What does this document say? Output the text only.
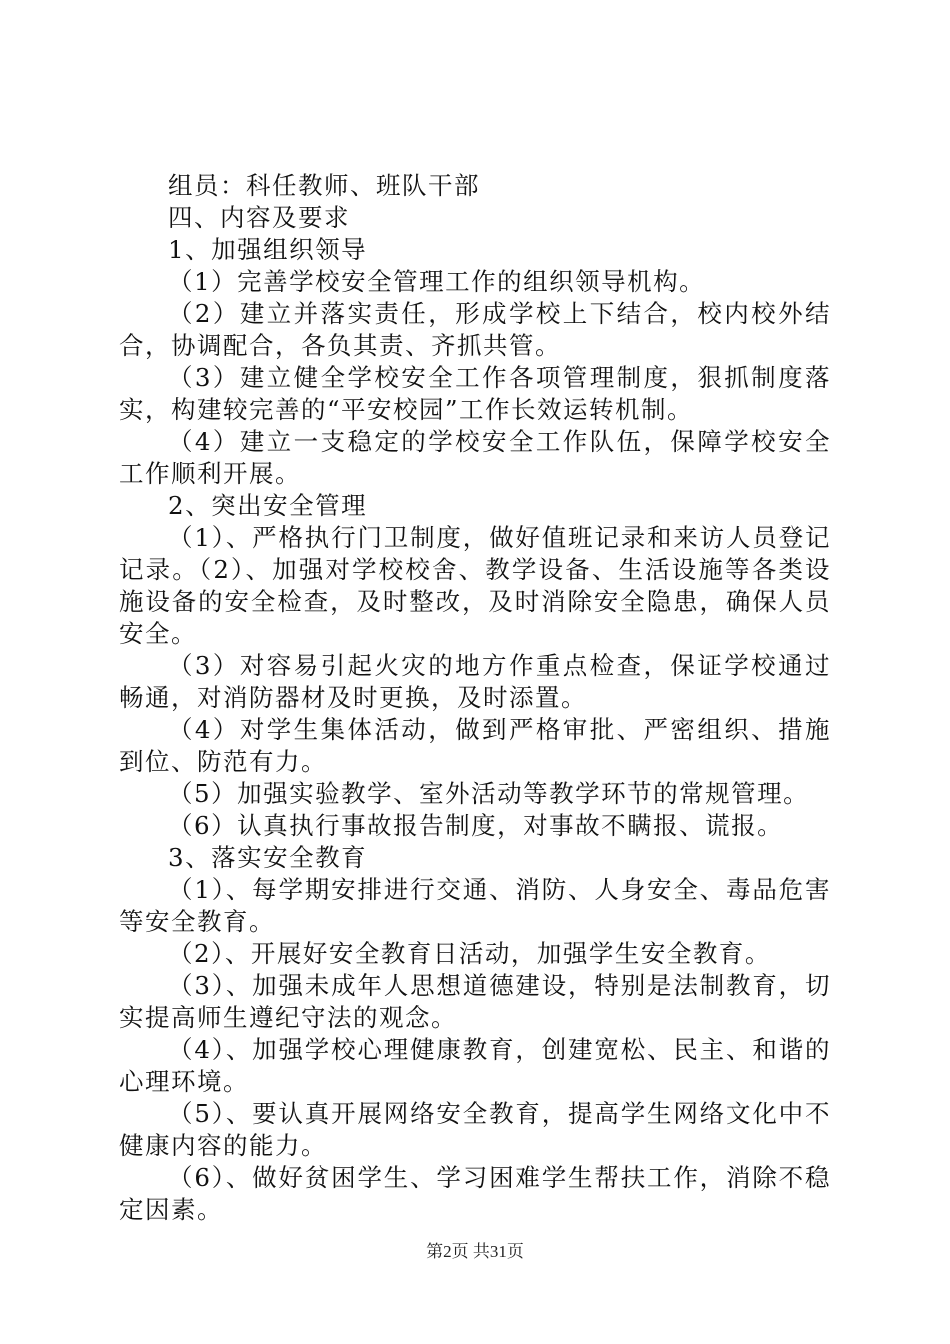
组员：科任教师、班队干部

四、内容及要求

1、加强组织领导

（1）完善学校安全管理工作的组织领导机构。

（2）建立并落实责任，形成学校上下结合，校内校外结合，协调配合，各负其责、齐抓共管。

（3）建立健全学校安全工作各项管理制度，狠抓制度落实，构建较完善的“平安校园”工作长效运转机制。

（4）建立一支稳定的学校安全工作队伍，保障学校安全工作顺利开展。

2、突出安全管理

（1）、严格执行门卫制度，做好值班记录和来访人员登记记录。（2）、加强对学校校舍、教学设备、生活设施等各类设施设备的安全检查，及时整改，及时消除安全隐患，确保人员安全。

（3）对容易引起火灾的地方作重点检查，保证学校通过畅通，对消防器材及时更换，及时添置。

（4）对学生集体活动，做到严格审批、严密组织、措施到位、防范有力。

（5）加强实验教学、室外活动等教学环节的常规管理。

（6）认真执行事故报告制度，对事故不瞒报、谎报。

3、落实安全教育

（1）、每学期安排进行交通、消防、人身安全、毒品危害等安全教育。

（2）、开展好安全教育日活动，加强学生安全教育。

（3）、加强未成年人思想道德建设，特别是法制教育，切实提高师生遵纪守法的观念。

（4）、加强学校心理健康教育，创建宽松、民主、和谐的心理环境。

（5）、要认真开展网络安全教育，提高学生网络文化中不健康内容的能力。

（6）、做好贫困学生、学习困难学生帮扶工作，消除不稳定因素。

第2页 共31页
